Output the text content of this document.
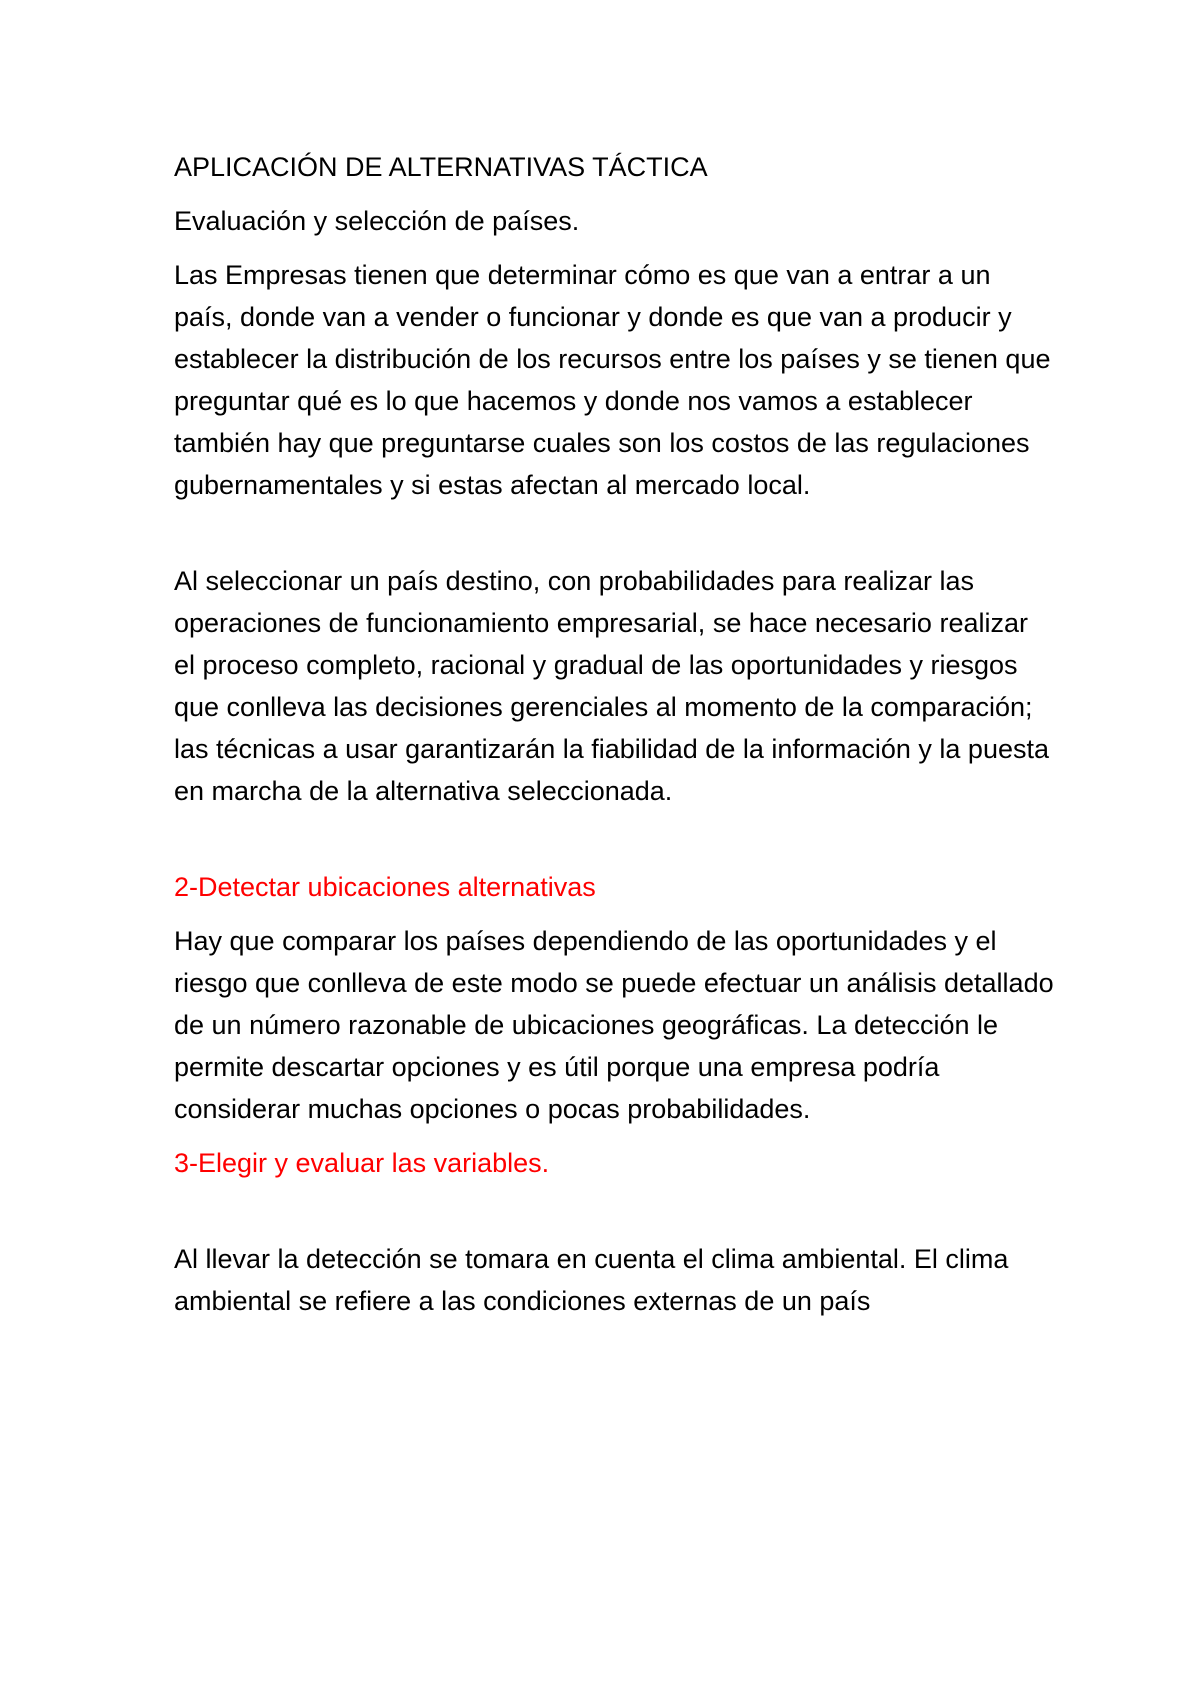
APLICACIÓN DE ALTERNATIVAS TÁCTICA

Evaluación y selección de países.

Las Empresas tienen que determinar cómo es que van a entrar a un país, donde van a vender o funcionar y donde es que van a producir y establecer la distribución de los recursos entre los países y se tienen que preguntar qué es lo que hacemos y donde nos vamos a establecer también hay que preguntarse cuales son los costos de las regulaciones gubernamentales y si estas afectan al mercado local.

Al seleccionar un país destino, con probabilidades para realizar las operaciones de funcionamiento empresarial, se hace necesario realizar el proceso completo, racional y gradual de las oportunidades y riesgos que conlleva las decisiones gerenciales al momento de la comparación; las técnicas a usar garantizarán la fiabilidad de la información y la puesta en marcha de la alternativa seleccionada.

2-Detectar ubicaciones alternativas

Hay que comparar los países dependiendo de las oportunidades y el riesgo que conlleva de este modo se puede efectuar un análisis detallado de un número razonable de ubicaciones geográficas. La detección le permite descartar opciones y es útil porque una empresa podría considerar muchas opciones o pocas probabilidades.

3-Elegir y evaluar las variables.

Al llevar la detección se tomara en cuenta el clima ambiental. El clima ambiental se refiere a las condiciones externas de un país
